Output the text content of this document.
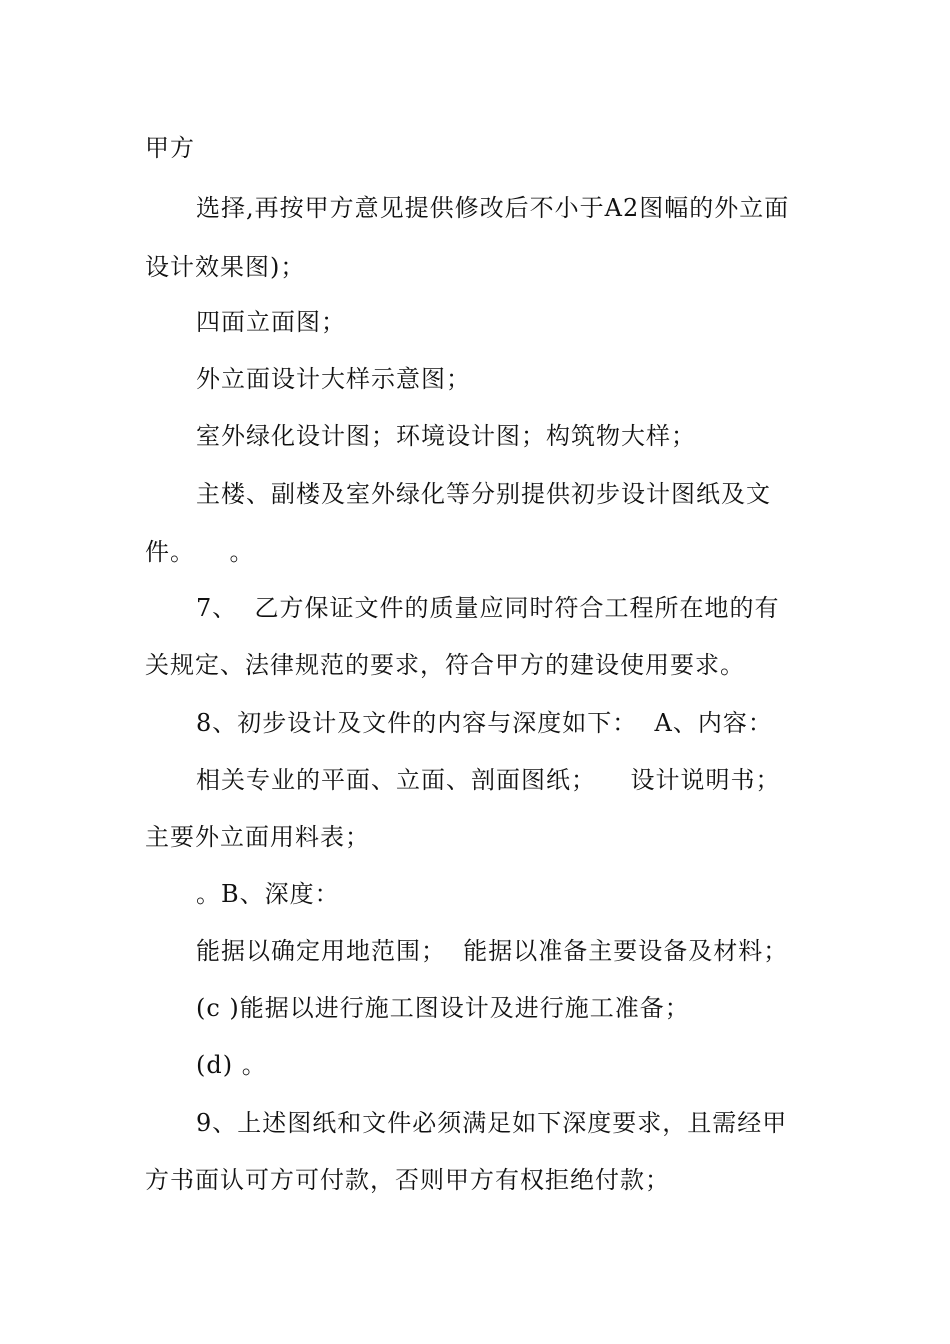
甲方
选择,再按甲方意见提供修改后不小于A2图幅的外立面
设计效果图)；
四面立面图；
外立面设计大样示意图；
室外绿化设计图；环境设计图；构筑物大样；
主楼、副楼及室外绿化等分别提供初步设计图纸及文
件。    。
7、  乙方保证文件的质量应同时符合工程所在地的有
关规定、法律规范的要求，符合甲方的建设使用要求。
8、初步设计及文件的内容与深度如下：  A、内容：
相关专业的平面、立面、剖面图纸；    设计说明书；
主要外立面用料表；
。B、深度：
能据以确定用地范围；  能据以准备主要设备及材料；
(c )能据以进行施工图设计及进行施工准备；
(d) 。
9、上述图纸和文件必须满足如下深度要求，且需经甲
方书面认可方可付款，否则甲方有权拒绝付款；
